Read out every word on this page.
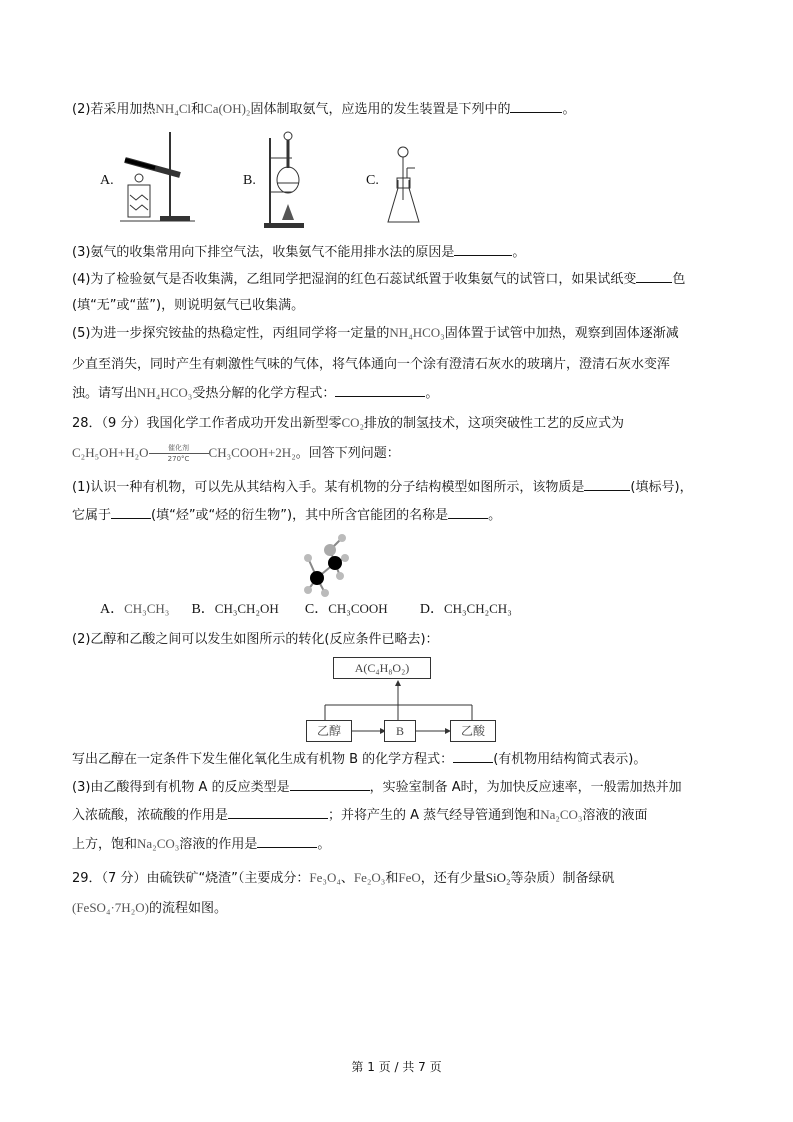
(2)若采用加热NH₄Cl和Ca(OH)₂固体制取氨气，应选用的发生装置是下列中的	。
A.	B.	C.
(3)氨气的收集常用向下排空气法，收集氨气不能用排水法的原因是	。
(4)为了检验氨气是否收集满，乙组同学把湿润的红色石蕊试纸置于收集氨气的试管口，如果试纸变	色
(填“无”或“蓝”)，则说明氨气已收集满。
(5)为进一步探究铵盐的热稳定性，丙组同学将一定量的NH₄HCO₃固体置于试管中加热，观察到固体逐渐减
少直至消失，同时产生有刺激性气味的气体，将气体通向一个涂有澄清石灰水的玻璃片，澄清石灰水变浑
浊。请写出NH₄HCO₃受热分解的化学方程式：	。
28．（9 分）我国化学工作者成功开发出新型零CO₂排放的制氢技术，这项突破性工艺的反应式为
C₂H₅OH+H₂O	催化剂
270°C	CH₃COOH+2H₂。回答下列问题：
(1)认识一种有机物，可以先从其结构入手。某有机物的分子结构模型如图所示，该物质是	(填标号)，
它属于	(填“烃”或“烃的衍生物”)，其中所含官能团的名称是	。
A．CH₃CH₃ B．CH₃CH₂OH C．CH₃COOH D．CH₃CH₂CH₃
(2)乙醇和乙酸之间可以发生如图所示的转化(反应条件已略去)：
A(C₄H₈O₂)
乙醇	B	乙酸
写出乙醇在一定条件下发生催化氧化生成有机物 B 的化学方程式：	(有机物用结构简式表示)。
(3)由乙酸得到有机物 A 的反应类型是	，实验室制备 A时，为加快反应速率，一般需加热并加
入浓硫酸，浓硫酸的作用是	；并将产生的 A 蒸气经导管通到饱和Na₂CO₃溶液的液面
上方，饱和Na₂CO₃溶液的作用是	。
29．（7 分）由硫铁矿“烧渣”（主要成分：Fe₃O₄、Fe₂O₃和FeO，还有少量SiO₂等杂质）制备绿矾
(FeSO₄·7H₂O)的流程如图。
第 1 页 / 共 7 页
